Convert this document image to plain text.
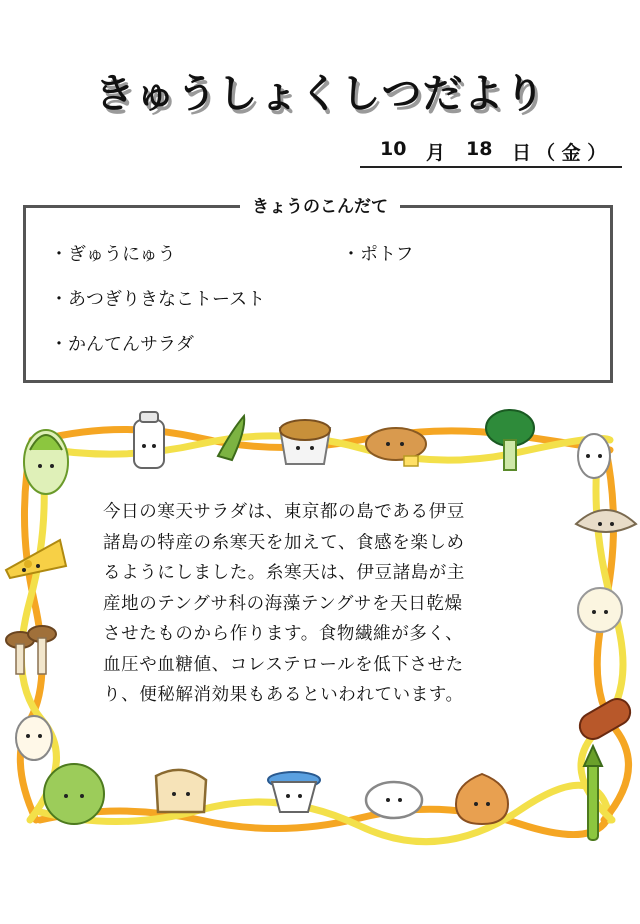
きゅうしょくしつだより
10 月 18 日 （ 金 ）
きょうのこんだて
・ぎゅうにゅう	・ポトフ
・あつぎりきなこトースト
・かんてんサラダ
今日の寒天サラダは、東京都の島である伊豆
諸島の特産の糸寒天を加えて、食感を楽しめ
るようにしました。糸寒天は、伊豆諸島が主
産地のテングサ科の海藻テングサを天日乾燥
させたものから作ります。食物繊維が多く、
血圧や血糖値、コレステロールを低下させた
り、便秘解消効果もあるといわれています。
